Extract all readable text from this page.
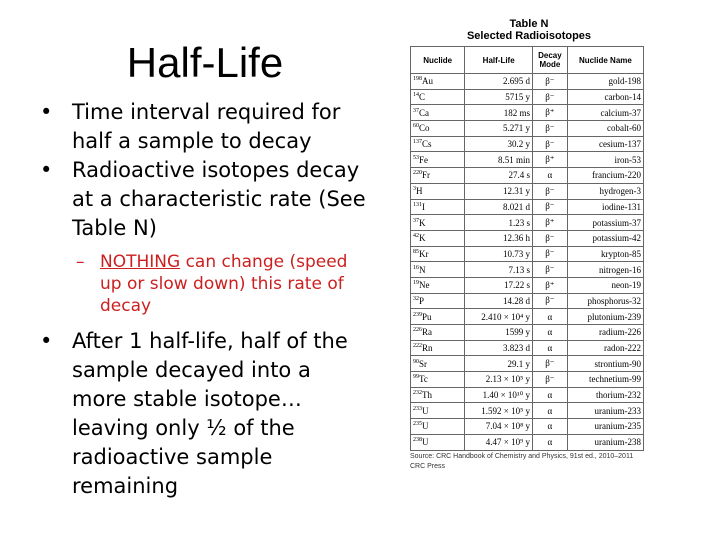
Half-Life
• Time interval required for half a sample to decay
• Radioactive isotopes decay at a characteristic rate (See Table N)
– NOTHING can change (speed up or slow down) this rate of decay
• After 1 half-life, half of the sample decayed into a more stable isotope…leaving only ½ of the radioactive sample remaining
Table N
Selected Radioisotopes
Nuclide	Half-Life	Decay Mode	Nuclide Name
$^{198}$Au	2.695 d	β⁻	gold-198
$^{14}$C	5715 y	β⁻	carbon-14
$^{37}$Ca	182 ms	β⁺	calcium-37
$^{60}$Co	5.271 y	β⁻	cobalt-60
$^{137}$Cs	30.2 y	β⁻	cesium-137
$^{53}$Fe	8.51 min	β⁺	iron-53
$^{220}$Fr	27.4 s	α	francium-220
$^3$H	12.31 y	β⁻	hydrogen-3
$^{131}$I	8.021 d	β⁻	iodine-131
$^{37}$K	1.23 s	β⁺	potassium-37
$^{42}$K	12.36 h	β⁻	potassium-42
$^{85}$Kr	10.73 y	β⁻	krypton-85
$^{16}$N	7.13 s	β⁻	nitrogen-16
$^{19}$Ne	17.22 s	β⁺	neon-19
$^{32}$P	14.28 d	β⁻	phosphorus-32
$^{239}$Pu	2.410 × 10⁴ y	α	plutonium-239
$^{226}$Ra	1599 y	α	radium-226
$^{222}$Rn	3.823 d	α	radon-222
$^{90}$Sr	29.1 y	β⁻	strontium-90
$^{99}$Tc	2.13 × 10⁵ y	β⁻	technetium-99
$^{232}$Th	1.40 × 10¹⁰ y	α	thorium-232
$^{233}$U	1.592 × 10⁵ y	α	uranium-233
$^{235}$U	7.04 × 10⁸ y	α	uranium-235
$^{238}$U	4.47 × 10⁹ y	α	uranium-238
Source: CRC Handbook of Chemistry and Physics, 91st ed., 2010–2011
CRC Press
